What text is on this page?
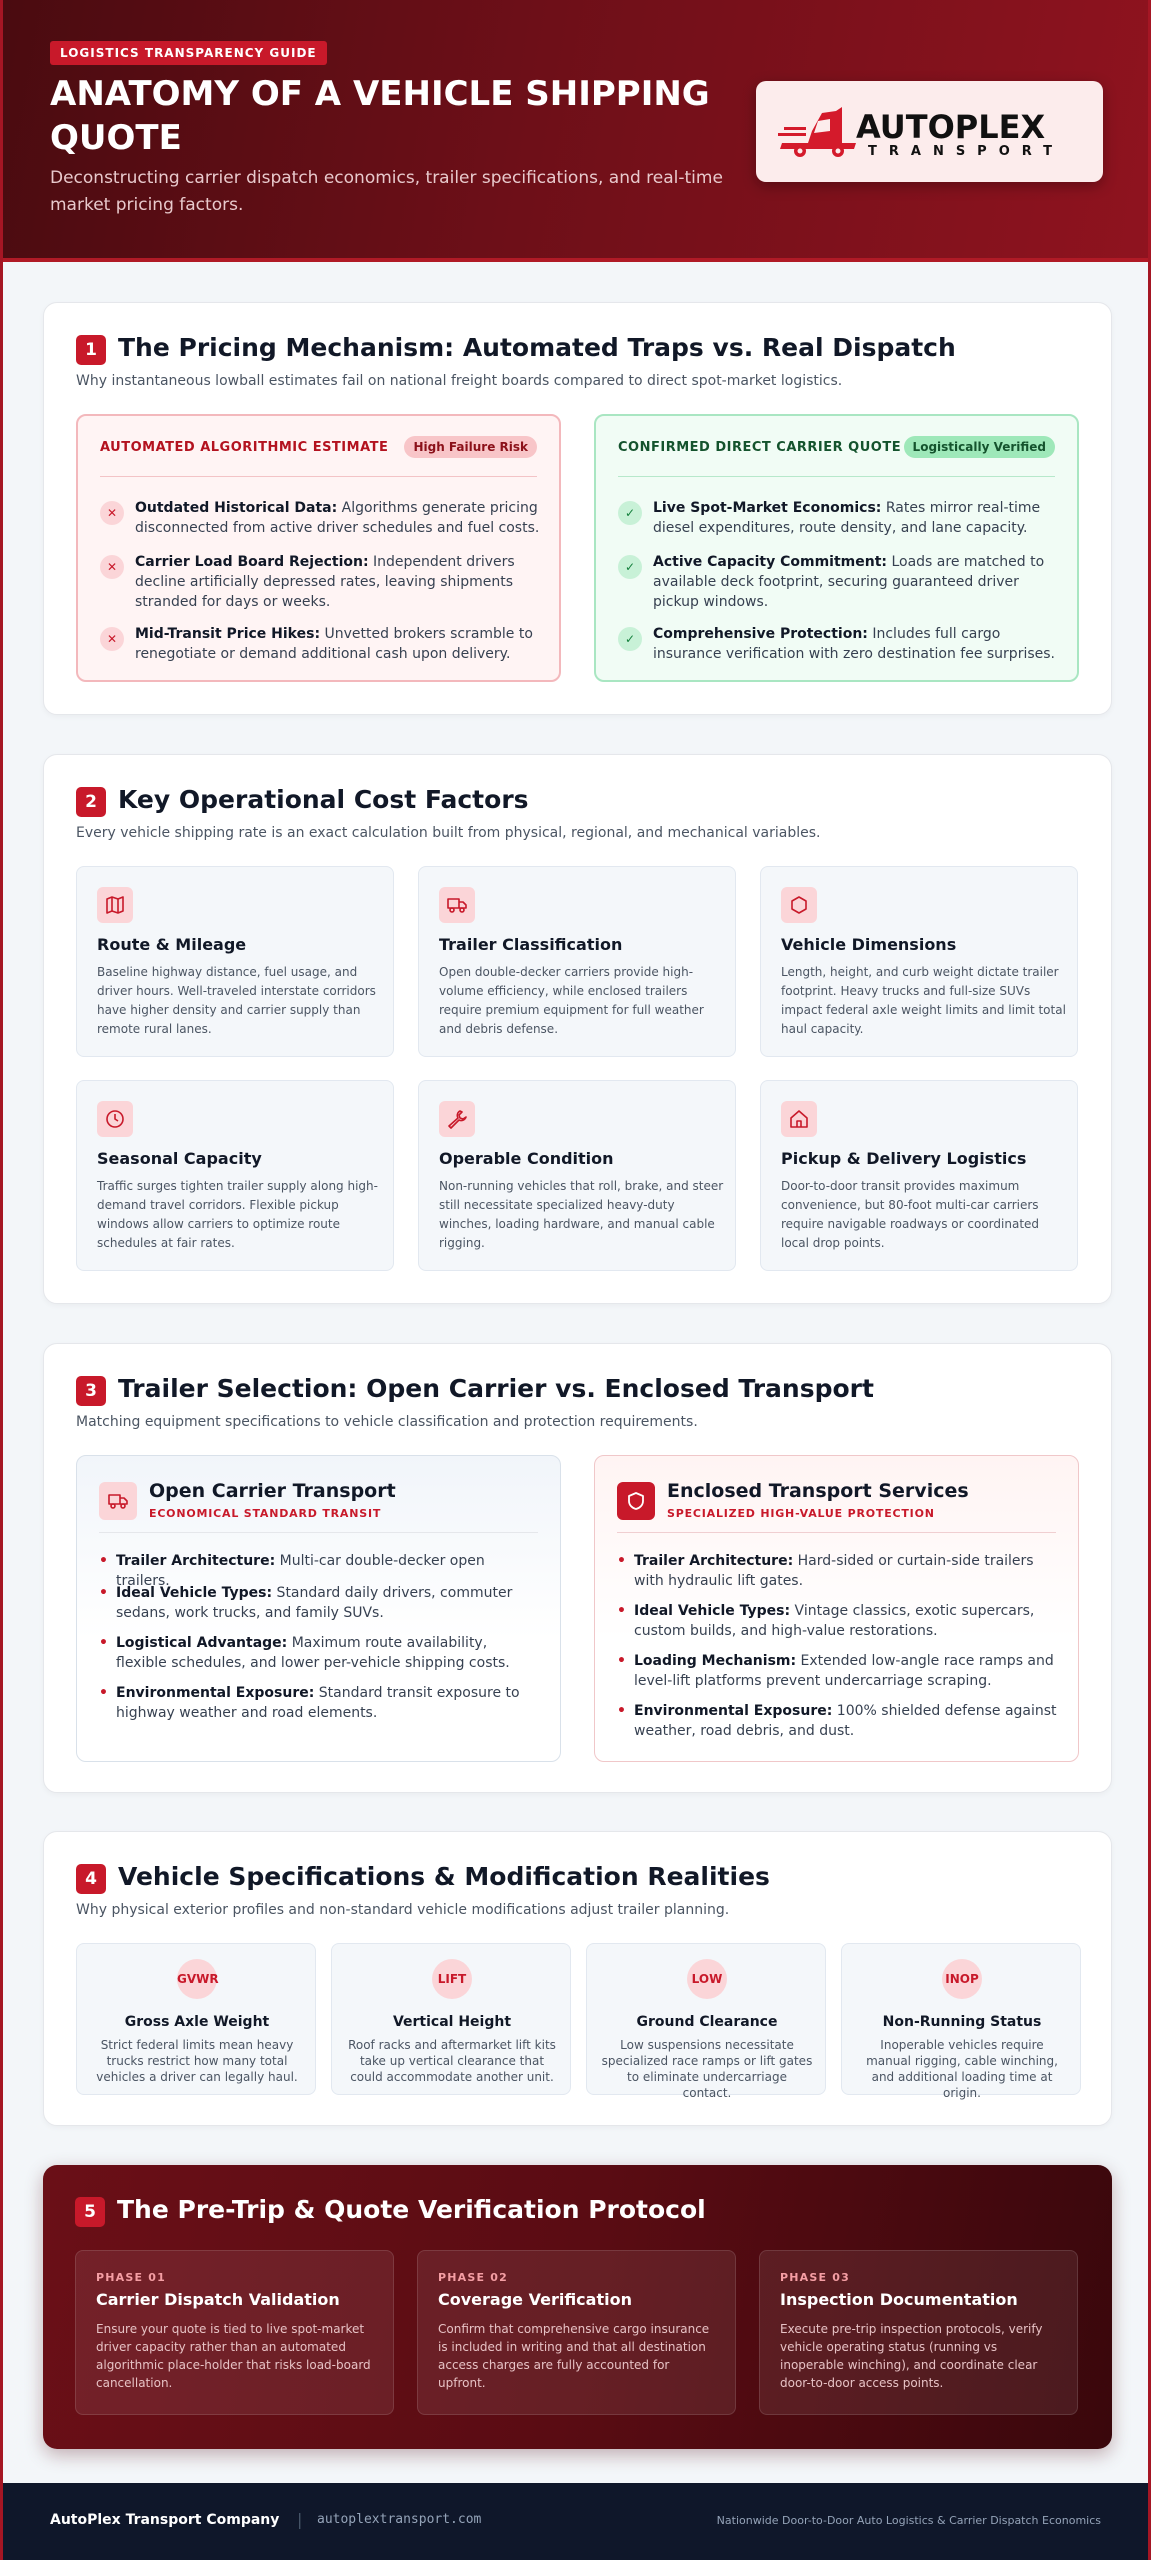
LOGISTICS TRANSPARENCY GUIDE
ANATOMY OF A VEHICLE SHIPPING QUOTE
Deconstructing carrier dispatch economics, trailer specifications, and real-time market pricing factors.
AUTOPLEX
TRANSPORT
1 The Pricing Mechanism: Automated Traps vs. Real Dispatch
Why instantaneous lowball estimates fail on national freight boards compared to direct spot-market logistics.
AUTOMATED ALGORITHMIC ESTIMATE	High Failure Risk
✕	Outdated Historical Data: Algorithms generate pricing disconnected from active driver schedules and fuel costs.
✕	Carrier Load Board Rejection: Independent drivers decline artificially depressed rates, leaving shipments stranded for days or weeks.
✕	Mid-Transit Price Hikes: Unvetted brokers scramble to renegotiate or demand additional cash upon delivery.
CONFIRMED DIRECT CARRIER QUOTE Logistically Verified
✓	Live Spot-Market Economics: Rates mirror real-time diesel expenditures, route density, and lane capacity.
✓	Active Capacity Commitment: Loads are matched to available deck footprint, securing guaranteed driver pickup windows.
✓	Comprehensive Protection: Includes full cargo insurance verification with zero destination fee surprises.
2 Key Operational Cost Factors
Every vehicle shipping rate is an exact calculation built from physical, regional, and mechanical variables.
Route & Mileage
Baseline highway distance, fuel usage, and driver hours. Well-traveled interstate corridors have higher density and carrier supply than remote rural lanes.
Trailer Classification
Open double-decker carriers provide high-volume efficiency, while enclosed trailers require premium equipment for full weather and debris defense.
Vehicle Dimensions
Length, height, and curb weight dictate trailer footprint. Heavy trucks and full-size SUVs impact federal axle weight limits and limit total haul capacity.
Seasonal Capacity
Traffic surges tighten trailer supply along high-demand travel corridors. Flexible pickup windows allow carriers to optimize route schedules at fair rates.
Operable Condition
Non-running vehicles that roll, brake, and steer still necessitate specialized heavy-duty winches, loading hardware, and manual cable rigging.
Pickup & Delivery Logistics
Door-to-door transit provides maximum convenience, but 80-foot multi-car carriers require navigable roadways or coordinated local drop points.
3 Trailer Selection: Open Carrier vs. Enclosed Transport
Matching equipment specifications to vehicle classification and protection requirements.
Open Carrier Transport
ECONOMICAL STANDARD TRANSIT
• Trailer Architecture: Multi-car double-decker open trailers.
• Ideal Vehicle Types: Standard daily drivers, commuter sedans, work trucks, and family SUVs.
• Logistical Advantage: Maximum route availability, flexible schedules, and lower per-vehicle shipping costs.
• Environmental Exposure: Standard transit exposure to highway weather and road elements.
Enclosed Transport Services
SPECIALIZED HIGH-VALUE PROTECTION
• Trailer Architecture: Hard-sided or curtain-side trailers with hydraulic lift gates.
• Ideal Vehicle Types: Vintage classics, exotic supercars, custom builds, and high-value restorations.
• Loading Mechanism: Extended low-angle race ramps and level-lift platforms prevent undercarriage scraping.
• Environmental Exposure: 100% shielded defense against weather, road debris, and dust.
4 Vehicle Specifications & Modification Realities
Why physical exterior profiles and non-standard vehicle modifications adjust trailer planning.
GVWR
Gross Axle Weight
Strict federal limits mean heavy trucks restrict how many total vehicles a driver can legally haul.
LIFT
Vertical Height
Roof racks and aftermarket lift kits take up vertical clearance that could accommodate another unit.
LOW
Ground Clearance
Low suspensions necessitate specialized race ramps or lift gates to eliminate undercarriage contact.
INOP
Non-Running Status
Inoperable vehicles require manual rigging, cable winching, and additional loading time at origin.
5 The Pre-Trip & Quote Verification Protocol
PHASE 01
Carrier Dispatch Validation
Ensure your quote is tied to live spot-market driver capacity rather than an automated algorithmic place-holder that risks load-board cancellation.
PHASE 02
Coverage Verification
Confirm that comprehensive cargo insurance is included in writing and that all destination access charges are fully accounted for upfront.
PHASE 03
Inspection Documentation
Execute pre-trip inspection protocols, verify vehicle operating status (running vs inoperable winching), and coordinate clear door-to-door access points.
AutoPlex Transport Company | autoplextransport.com	Nationwide Door-to-Door Auto Logistics & Carrier Dispatch Economics
